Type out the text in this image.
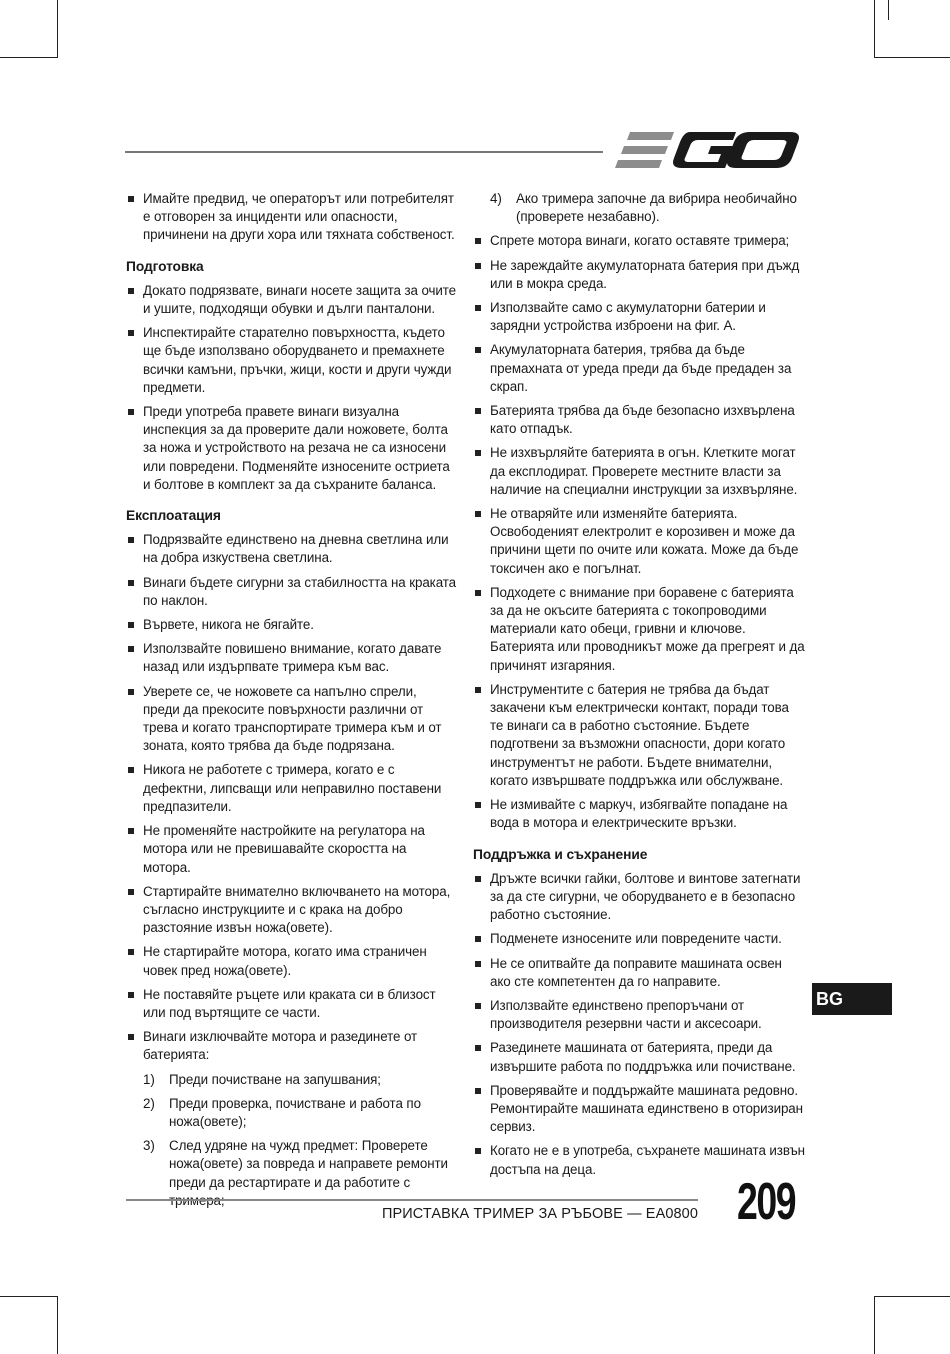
Имайте предвид, че операторът или потребителят е отговорен за инциденти или опасности, причинени на други хора или тяхната собственост.
Подготовка
Докато подрязвате, винаги носете защита за очите и ушите, подходящи обувки и дълги панталони.
Инспектирайте старателно повърхността, където ще бъде използвано оборудването и премахнете всички камъни, пръчки, жици, кости и други чужди предмети.
Преди употреба правете винаги визуална инспекция за да проверите дали ножовете, болта за ножа и устройството на резача не са износени или повредени. Подменяйте износените остриета и болтове в комплект за да съхраните баланса.
Експлоатация
Подрязвайте единствено на дневна светлина или на добра изкуствена светлина.
Винаги бъдете сигурни за стабилността на краката по наклон.
Вървете, никога не бягайте.
Използвайте повишено внимание, когато давате назад или издърпвате тримера към вас.
Уверете се, че ножовете са напълно спрели, преди да прекосите повърхности различни от трева и когато транспортирате тримера към и от зоната, която трябва да бъде подрязана.
Никога не работете с тримера, когато е с дефектни, липсващи или неправилно поставени предпазители.
Не променяйте настройките на регулатора на мотора или не превишавайте скоростта на мотора.
Стартирайте внимателно включването на мотора, съгласно инструкциите и с крака на добро разстояние извън ножа(овете).
Не стартирайте мотора, когато има страничен човек пред ножа(овете).
Не поставяйте ръцете или краката си в близост или под въртящите се части.
Винаги изключвайте мотора и разединете от батерията:
1) Преди почистване на запушвания;
2) Преди проверка, почистване и работа по ножа(овете);
3) След удряне на чужд предмет: Проверете ножа(овете) за повреда и направете ремонти преди да рестартирате и да работите с
4) Ако тримера започне да вибрира необичайно (проверете незабавно).
Спрете мотора винаги, когато оставяте тримера;
Не зареждайте акумулаторната батерия при дъжд или в мокра среда.
Използвайте само с акумулаторни батерии и зарядни устройства изброени на фиг. А.
Акумулаторната батерия, трябва да бъде премахната от уреда преди да бъде предаден за скрап.
Батерията трябва да бъде безопасно изхвърлена като отпадък.
Не изхвърляйте батерията в огън. Клетките могат да експлодират. Проверете местните власти за наличие на специални инструкции за изхвърляне.
Не отваряйте или изменяйте батерията. Освободеният електролит е корозивен и може да причини щети по очите или кожата. Може да бъде токсичен ако е погълнат.
Подходете с внимание при боравене с батерията за да не окъсите батерията с токопроводими материали като обеци, гривни и ключове. Батерията или проводникът може да прегреят и да причинят изгаряния.
Инструментите с батерия не трябва да бъдат закачени към електрически контакт, поради това те винаги са в работно състояние. Бъдете подготвени за възможни опасности, дори когато инструментът не работи. Бъдете внимателни, когато извършвате поддръжка или обслужване.
Не измивайте с маркуч, избягвайте попадане на вода в мотора и електрическите връзки.
Поддръжка и съхранение
Дръжте всички гайки, болтове и винтове затегнати за да сте сигурни, че оборудването е в безопасно работно състояние.
Подменете износените или повредените части.
Не се опитвайте да поправите машината освен ако сте компетентен да го направите.
Използвайте единствено препоръчани от производителя резервни части и аксесоари.
Разединете машината от батерията, преди да извършите работа по поддръжка или почистване.
Проверявайте и поддържайте машината редовно. Ремонтирайте машината единствено в оторизиран сервиз.
Когато не е в употреба, съхранете машината извън достъпа на деца.
BG
ПРИСТАВКА ТРИМЕР ЗА РЪБОВЕ — EA0800 209
